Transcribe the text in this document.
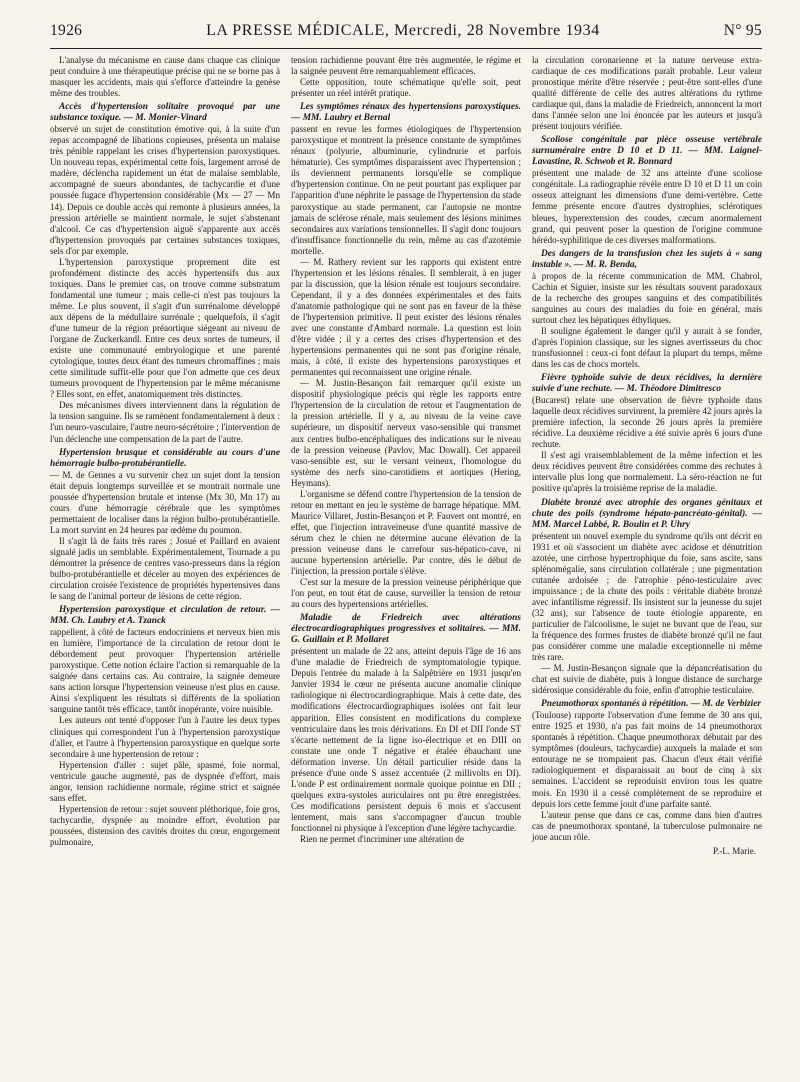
1926	LA PRESSE MÉDICALE, Mercredi, 28 Novembre 1934	N° 95

L'analyse du mécanisme en cause dans chaque cas clinique peut conduire à une thérapeutique précise qui ne se borne pas à masquer les accidents, mais qui s'efforce d'atteindre la genèse même des troubles.

Accès d'hypertension solitaire provoqué par une substance toxique. — M. Monier-Vinard

observé un sujet de constitution émotive qui, à la suite d'un repas accompagné de libations copieuses, présenta un malaise très pénible rappelant les crises d'hypertension paroxystiques. Un nouveau repas, expérimental cette fois, largement arrosé de madère, déclencha rapidement un état de malaise semblable, accompagné de sueurs abondantes, de tachycardie et d'une poussée fugace d'hypertension considérable (Mx — 27 — Mn 14). Depuis ce double accès qui remonte à plusieurs années, la pression artérielle se maintient normale, le sujet s'abstenant d'alcool. Ce cas d'hypertension aiguë s'apparente aux accès d'hypertension provoqués par certaines substances toxiques, sels d'or par exemple.

L'hypertension paroxystique proprement dite est profondément distincte des accès hypertensifs dus aux toxiques. Dans le premier cas, on trouve comme substratum fondamental une tumeur ; mais celle-ci n'est pas toujours la même. Le plus souvent, il s'agit d'un surrénalome développé aux dépens de la médullaire surrénale ; quelquefois, il s'agit d'une tumeur de la région préaortique siégeant au niveau de l'organe de Zuckerkandl. Entre ces deux sortes de tumeurs, il existe une communauté embryologique et une parenté cytologique, toutes deux étant des tumeurs chromaffines ; mais cette similitude suffit-elle pour que l'on admette que ces deux tumeurs provoquent de l'hypertension par le même mécanisme ? Elles sont, en effet, anatomiquement très distinctes.

Des mécanismes divers interviennent dans la régulation de la tension sanguine. Ils se ramènent fondamentalement à deux : l'un neuro-vasculaire, l'autre neuro-sécrétoire ; l'intervention de l'un déclenche une compensation de la part de l'autre.

Hypertension brusque et considérable au cours d'une hémorragie bulbo-protubérantielle.

— M. de Gennes a vu survenir chez un sujet dont la tension était depuis longtemps surveillée et se montrait normale une poussée d'hypertension brutale et intense (Mx 30, Mn 17) au cours d'une hémorragie cérébrale que les symptômes permettaient de localiser dans la région bulbo-protubérantielle. La mort survint en 24 heures par œdème du poumon.

Il s'agit là de faits très rares ; Josué et Paillard en avaient signalé jadis un semblable. Expérimentalement, Tournade a pu démontrer la présence de centres vaso-presseurs dans la région bulbo-protubérantielle et déceler au moyen des expériences de circulation croisée l'existence de propriétés hypertensives dans le sang de l'animal porteur de lésions de cette région.

Hypertension paroxystique et circulation de retour. — MM. Ch. Laubry et A. Tzanck

rappellent, à côté de facteurs endocriniens et nerveux bien mis en lumière, l'importance de la circulation de retour dont le débordement peut provoquer l'hypertension artérielle paroxystique. Cette notion éclaire l'action si remarquable de la saignée dans certains cas. Au contraire, la saignée demeure sans action lorsque l'hypertension veineuse n'est plus en cause. Ainsi s'expliquent les résultats si différents de la spoliation sanguine tantôt très efficace, tantôt inopérante, voire nuisible.

Les auteurs ont tenté d'opposer l'un à l'autre les deux types cliniques qui correspondent l'un à l'hypertension paroxystique d'aller, et l'autre à l'hypertension paroxystique en quelque sorte secondaire à une hypertension de retour :

Hypertension d'aller : sujet pâle, spasmé, foie normal, ventricule gauche augmenté, pas de dyspnée d'effort, mais angor, tension rachidienne normale, régime strict et saignée sans effet.

Hypertension de retour : sujet souvent pléthorique, foie gros, tachycardie, dyspnée au moindre effort, évolution par poussées, distension des cavités droites du cœur, engorgement pulmonaire,

tension rachidienne pouvant être très augmentée, le régime et la saignée peuvent être remarquablement efficaces.

Cette opposition, toute schématique qu'elle soit, peut présenter un réel intérêt pratique.

Les symptômes rénaux des hypertensions paroxystiques. — MM. Laubry et Bernal

passent en revue les formes étiologiques de l'hypertension paroxystique et montrent la présence constante de symptômes rénaux (polyurie, albuminurie, cylindrurie et parfois hématurie). Ces symptômes disparaissent avec l'hypertension ; ils deviennent permanents lorsqu'elle se complique d'hypertension continue. On ne peut pourtant pas expliquer par l'apparition d'une néphrite le passage de l'hypertension du stade paroxystique au stade permanent, car l'autopsie ne montre jamais de sclérose rénale, mais seulement des lésions minimes secondaires aux variations tensionnelles. Il s'agit donc toujours d'insuffisance fonctionnelle du rein, même au cas d'azotémie mortelle.

— M. Rathery revient sur les rapports qui existent entre l'hypertension et les lésions rénales. Il semblerait, à en juger par la discussion, que la lésion rénale est toujours secondaire. Cependant, il y a des données expérimentales et des faits d'anatomie pathologique qui ne sont pas en faveur de la thèse de l'hypertension primitive. Il peut exister des lésions rénales avec une constante d'Ambard normale. La question est loin d'être vidée ; il y a certes des crises d'hypertension et des hypertensions permanentes qui ne sont pas d'origine rénale, mais, à côté, il existe des hypertensions paroxystiques et permanentes qui reconnaissent une origine rénale.

— M. Justin-Besançon fait remarquer qu'il existe un dispositif physiologique précis qui règle les rapports entre l'hypertension de la circulation de retour et l'augmentation de la pression artérielle. Il y a, au niveau de la veine cave supérieure, un dispositif nerveux vaso-sensible qui transmet aux centres bulbo-encéphaliques des indications sur le niveau de la pression veineuse (Pavlov, Mac Dowall). Cet appareil vaso-sensible est, sur le versant veineux, l'homologue du système des nerfs sino-carotidiens et aortiques (Hering, Heymans).

L'organisme se défend contre l'hypertension de la tension de retour en mettant en jeu le système de barrage hépatique. MM. Maurice Villaret, Justin-Besançon et P. Fauvert ont montré, en effet, que l'injection intraveineuse d'une quantité massive de sérum chez le chien ne détermine aucune élévation de la pression veineuse dans le carrefour sus-hépatico-cave, ni aucune hypertension artérielle. Par contre, dès le début de l'injection, la pression portale s'élève.

C'est sur la mesure de la pression veineuse périphérique que l'on peut, en tout état de cause, surveiller la tension de retour au cours des hypertensions artérielles.

Maladie de Friedreich avec altérations électrocardiographiques progressives et solitaires. — MM. G. Guillain et P. Mollaret

présentent un malade de 22 ans, atteint depuis l'âge de 16 ans d'une maladie de Friedreich de symptomatologie typique. Depuis l'entrée du malade à la Salpêtrière en 1931 jusqu'en Janvier 1934 le cœur ne présenta aucune anomalie clinique radiologique ni électrocardiographique. Mais à cette date, des modifications électrocardiographiques isolées ont fait leur apparition. Elles consistent en modifications du complexe ventriculaire dans les trois dérivations. En DI et DII l'onde ST s'écarte nettement de la ligne iso-électrique et en DIII on constate une onde T négative et étalée ébauchant une déformation inverse. Un détail particulier réside dans la présence d'une onde S assez accentuée (2 millivolts en DI). L'onde P est ordinairement normale quoique pointue en DII ; quelques extra-systoles auriculaires ont pu être enregistrées. Ces modifications persistent depuis 6 mois et s'accusent lentement, mais sans s'accompagner d'aucun trouble fonctionnel ni physique à l'exception d'une légère tachycardie.

Rien ne permet d'incriminer une altération de

la circulation coronarienne et la nature nerveuse extra-cardiaque de ces modifications paraît probable. Leur valeur pronostique mérite d'être réservée ; peut-être sont-elles d'une qualité différente de celle des autres altérations du rythme cardiaque qui, dans la maladie de Friedreich, annoncent la mort dans l'année selon une loi énoncée par les auteurs et jusqu'à présent toujours vérifiée.

Scoliose congénitale par pièce osseuse vertébrale surnuméraire entre D 10 et D 11. — MM. Laignel-Lavastine, R. Schwob et R. Bonnard

présentent une malade de 32 ans atteinte d'une scoliose congénitale. La radiographie révèle entre D 10 et D 11 un coin osseux atteignant les dimensions d'une demi-vertèbre. Cette femme présente encore d'autres dystrophies, sclérotiques bleues, hyperextension des coudes, cæcum anormalement grand, qui peuvent poser la question de l'origine commune hérédo-syphilitique de ces diverses malformations.

Des dangers de la transfusion chez les sujets à « sang instable ». — M. R. Benda,

à propos de la récente communication de MM. Chabrol, Cachin et Siguier, insiste sur les résultats souvent paradoxaux de la recherche des groupes sanguins et des compatibilités sanguines au cours des maladies du foie en général, mais surtout chez les hépatiques éthyliques.

Il souligne également le danger qu'il y aurait à se fonder, d'après l'opinion classique, sur les signes avertisseurs du choc transfusionnel : ceux-ci font défaut la plupart du temps, même dans les cas de chocs mortels.

Fièvre typhoïde suivie de deux récidives, la dernière suivie d'une rechute. — M. Théodore Dimitresco

(Bucarest) relate une observation de fièvre typhoïde dans laquelle deux récidives survinrent, la première 42 jours après la première infection, la seconde 26 jours après la première récidive. La deuxième récidive a été suivie après 6 jours d'une rechute.

Il s'est agi vraisemblablement de la même infection et les deux récidives peuvent être considérées comme des rechutes à intervalle plus long que normalement. La séro-réaction ne fut positive qu'après la troisième reprise de la maladie.

Diabète bronzé avec atrophie des organes génitaux et chute des poils (syndrome hépato-pancréato-génital). — MM. Marcel Labbé, R. Boulin et P. Uhry

présentent un nouvel exemple du syndrome qu'ils ont décrit en 1931 et où s'associent un diabète avec acidose et dénutrition azotée, une cirrhose hypertrophique du foie, sans ascite, sans splénomégalie, sans circulation collatérale ; une pigmentation cutanée ardoisée ; de l'atrophie péno-testiculaire avec impuissance ; de la chute des poils : véritable diabète bronzé avec infantilisme régressif. Ils insistent sur la jeunesse du sujet (32 ans), sur l'absence de toute étiologie apparente, en particulier de l'alcoolisme, le sujet ne buvant que de l'eau, sur la fréquence des formes frustes de diabète bronzé qu'il ne faut pas considérer comme une maladie exceptionnelle ni même très rare.

— M. Justin-Besançon signale que la dépancréatisation du chat est suivie de diabète, puis à longue distance de surcharge sidérosique considérable du foie, enfin d'atrophie testiculaire.

Pneumothorax spontanés à répétition. — M. de Verbizier

(Toulouse) rapporte l'observation d'une femme de 30 ans qui, entre 1925 et 1930, n'a pas fait moins de 14 pneumothorax spontanés à répétition. Chaque pneumothorax débutait par des symptômes (douleurs, tachycardie) auxquels la malade et son entourage ne se trompaient pas. Chacun d'eux était vérifié radiologiquement et disparaissait au bout de cinq à six semaines. L'accident se reproduisit environ tous les quatre mois. En 1930 il a cessé complètement de se reproduire et depuis lors cette femme jouit d'une parfaite santé.

L'auteur pense que dans ce cas, comme dans bien d'autres cas de pneumothorax spontané, la tuberculose pulmonaire ne joue aucun rôle.

P.-L. Marie.
